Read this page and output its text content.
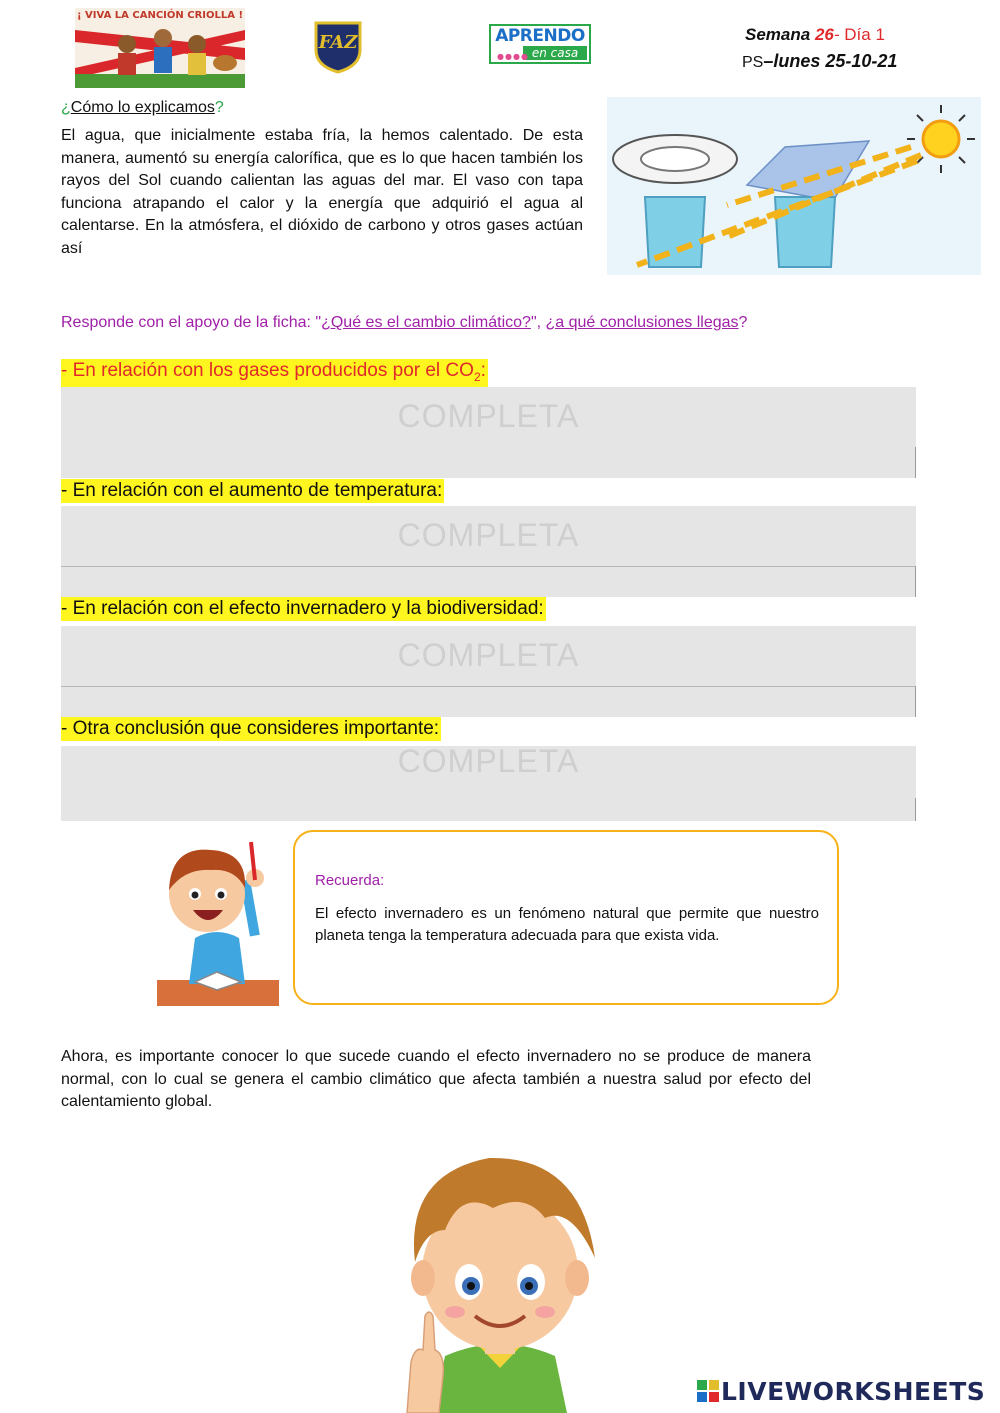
¡ VIVA LA CANCIÓN CRIOLLA !
FAZ	APRENDO
en casa
●●●●
Semana 26- Día 1
PS–lunes 25-10-21
¿Cómo lo explicamos?

El agua, que inicialmente estaba fría, la hemos calentado. De esta manera, aumentó su energía calorífica, que es lo que hacen también los rayos del Sol cuando calientan las aguas del mar. El vaso con tapa funciona atrapando el calor y la energía que adquirió el agua al calentarse. En la atmósfera, el dióxido de carbono y otros gases actúan así

Responde con el apoyo de la ficha: "¿Qué es el cambio climático?", ¿a qué conclusiones llegas?
- En relación con los gases producidos por el $CO_2$:
COMPLETA
- En relación con el aumento de temperatura:
COMPLETA
- En relación con el efecto invernadero y la biodiversidad:
COMPLETA
- Otra conclusión que consideres importante:
COMPLETA
Recuerda:

El efecto invernadero es un fenómeno natural que permite que nuestro planeta tenga la temperatura adecuada para que exista vida.

Ahora, es importante conocer lo que sucede cuando el efecto invernadero no se produce de manera normal, con lo cual se genera el cambio climático que afecta también a nuestra salud por efecto del calentamiento global.

LIVEWORKSHEETS
